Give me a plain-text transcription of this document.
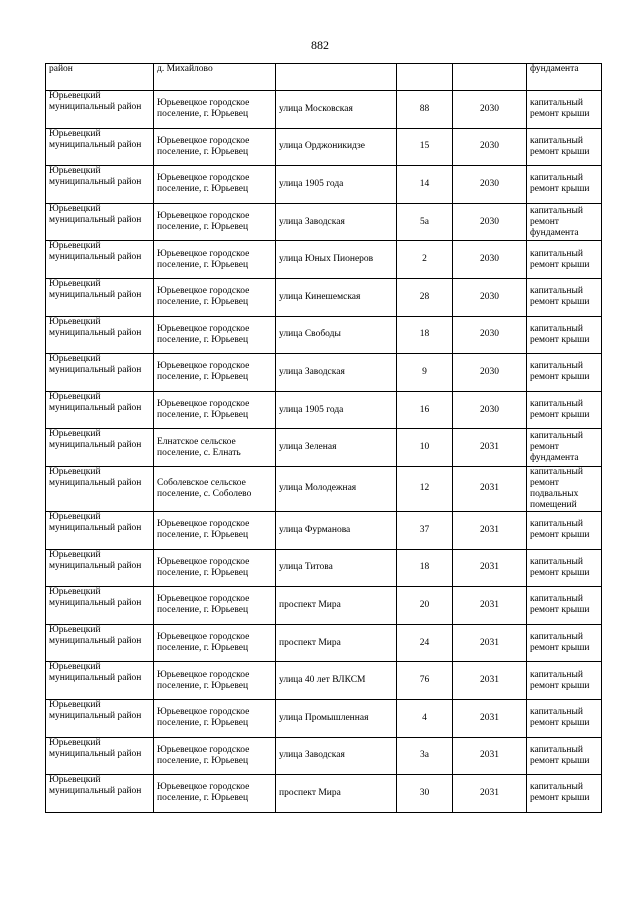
882
район	д. Михайлово				фундамента
Юрьевецкий муниципальный район	Юрьевецкое городское поселение, г. Юрьевец	улица Московская	88	2030	капитальный ремонт крыши
Юрьевецкий муниципальный район	Юрьевецкое городское поселение, г. Юрьевец	улица Орджоникидзе	15	2030	капитальный ремонт крыши
Юрьевецкий муниципальный район	Юрьевецкое городское поселение, г. Юрьевец	улица 1905 года	14	2030	капитальный ремонт крыши
Юрьевецкий муниципальный район	Юрьевецкое городское поселение, г. Юрьевец	улица Заводская	5а	2030	капитальный ремонт фундамента
Юрьевецкий муниципальный район	Юрьевецкое городское поселение, г. Юрьевец	улица Юных Пионеров	2	2030	капитальный ремонт крыши
Юрьевецкий муниципальный район	Юрьевецкое городское поселение, г. Юрьевец	улица Кинешемская	28	2030	капитальный ремонт крыши
Юрьевецкий муниципальный район	Юрьевецкое городское поселение, г. Юрьевец	улица Свободы	18	2030	капитальный ремонт крыши
Юрьевецкий муниципальный район	Юрьевецкое городское поселение, г. Юрьевец	улица Заводская	9	2030	капитальный ремонт крыши
Юрьевецкий муниципальный район	Юрьевецкое городское поселение, г. Юрьевец	улица 1905 года	16	2030	капитальный ремонт крыши
Юрьевецкий муниципальный район	Елнатское сельское поселение, с. Елнать	улица Зеленая	10	2031	капитальный ремонт фундамента
Юрьевецкий муниципальный район	Соболевское сельское поселение, с. Соболево	улица Молодежная	12	2031	капитальный ремонт подвальных помещений
Юрьевецкий муниципальный район	Юрьевецкое городское поселение, г. Юрьевец	улица Фурманова	37	2031	капитальный ремонт крыши
Юрьевецкий муниципальный район	Юрьевецкое городское поселение, г. Юрьевец	улица Титова	18	2031	капитальный ремонт крыши
Юрьевецкий муниципальный район	Юрьевецкое городское поселение, г. Юрьевец	проспект Мира	20	2031	капитальный ремонт крыши
Юрьевецкий муниципальный район	Юрьевецкое городское поселение, г. Юрьевец	проспект Мира	24	2031	капитальный ремонт крыши
Юрьевецкий муниципальный район	Юрьевецкое городское поселение, г. Юрьевец	улица 40 лет ВЛКСМ	76	2031	капитальный ремонт крыши
Юрьевецкий муниципальный район	Юрьевецкое городское поселение, г. Юрьевец	улица Промышленная	4	2031	капитальный ремонт крыши
Юрьевецкий муниципальный район	Юрьевецкое городское поселение, г. Юрьевец	улица Заводская	3а	2031	капитальный ремонт крыши
Юрьевецкий муниципальный район	Юрьевецкое городское поселение, г. Юрьевец	проспект Мира	30	2031	капитальный ремонт крыши
